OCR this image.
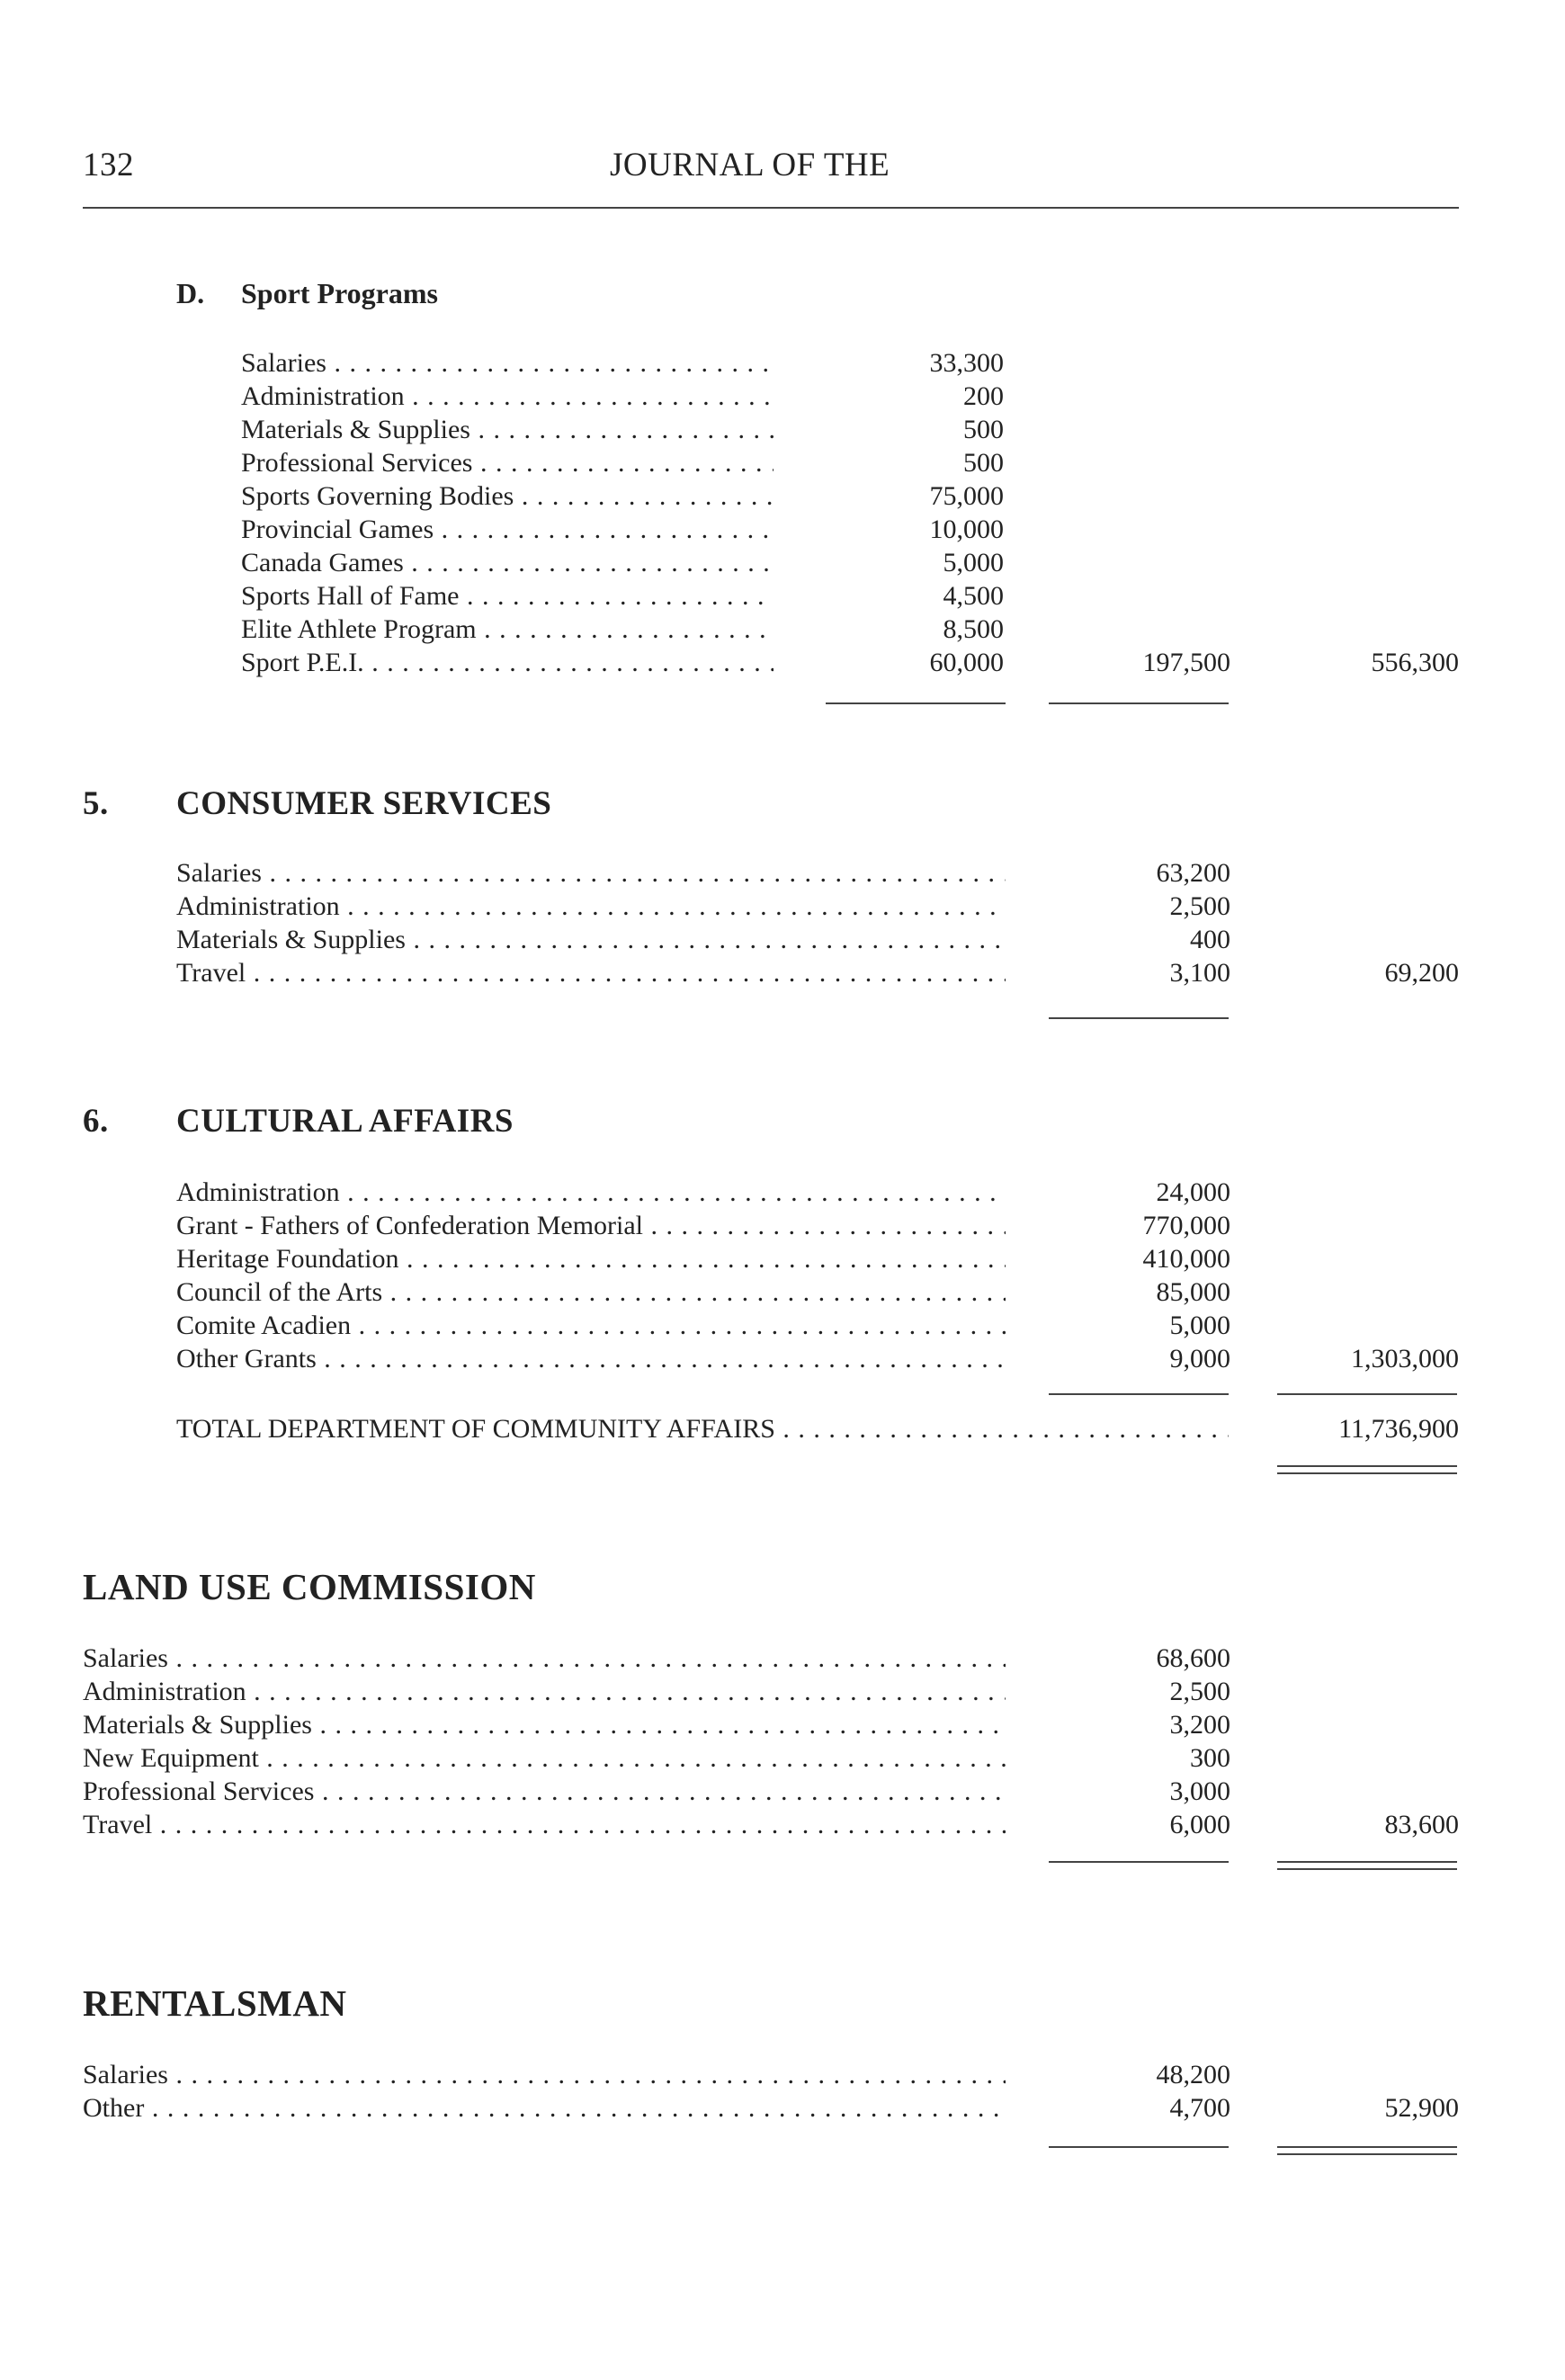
132	JOURNAL OF THE
D. Sport Programs
Salaries . . .	33,300
Administration . . .	200
Materials & Supplies . . .	500
Professional Services . . .	500
Sports Governing Bodies . . .	75,000
Provincial Games . . .	10,000
Canada Games . . .	5,000
Sports Hall of Fame . . .	4,500
Elite Athlete Program . . .	8,500
Sport P.E.I. . . .	60,000	197,500	556,300
5. CONSUMER SERVICES
Salaries . . .	63,200
Administration . . .	2,500
Materials & Supplies . . .	400
Travel . . .	3,100	69,200
6. CULTURAL AFFAIRS
Administration . . .	24,000
Grant - Fathers of Confederation Memorial . . .	770,000
Heritage Foundation . . .	410,000
Council of the Arts . . .	85,000
Comite Acadien . . .	5,000
Other Grants . . .	9,000	1,303,000
TOTAL DEPARTMENT OF COMMUNITY AFFAIRS . . .	11,736,900
LAND USE COMMISSION
Salaries . . .	68,600
Administration . . .	2,500
Materials & Supplies . . .	3,200
New Equipment . . .	300
Professional Services . . .	3,000
Travel . . .	6,000	83,600
RENTALSMAN
Salaries . . .	48,200
Other . . .	4,700	52,900
